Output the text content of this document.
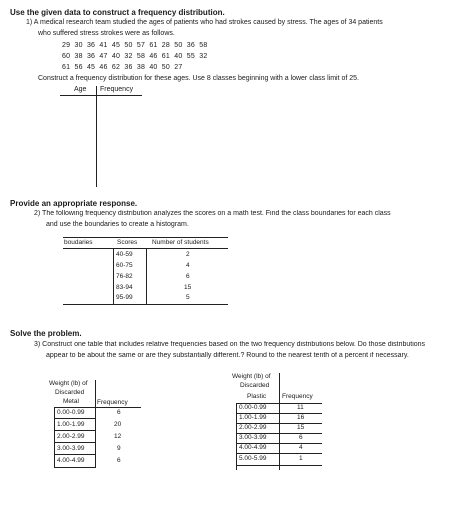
Use the given data to construct a frequency distribution.
1) A medical research team studied the ages of patients who had strokes caused by stress. The ages of 34 patients
who suffered stress strokes were as follows.
29  30  36  41  45  50  57  61  28  50  36  58
60  38  36  47  40  32  58  46  61  40  55  32
61  56  45  46  62  36  38  40  50  27
Construct a frequency distribution for these ages. Use 8 classes beginning with a lower class limit of 25.
Age Frequency
Provide an appropriate response.
2) The following frequency distribution analyzes the scores on a math test. Find the class boundaries for each class
and use the boundaries to create a histogram.
boudaries	Scores Number of students
40-59	2
60-75	4
76-82	6
83-94	15
95-99	5
Solve the problem.
3) Construct one table that includes relative frequencies based on the two frequency distributions below. Do those distributions
appear to be about the same or are they substantially different.? Round to the nearest tenth of a percent if necessary.
Weight (lb) of
Discarded
Metal	Frequency
0.00-0.99	6
1.00-1.99	20
2.00-2.99	12
3.00-3.99	9
4.00-4.99	6
Weight (lb) of
Discarded
Plastic Frequency
0.00-0.99	11
1.00-1.99	16
2.00-2.99	15
3.00-3.99	6
4.00-4.99	4
5.00-5.99	1
